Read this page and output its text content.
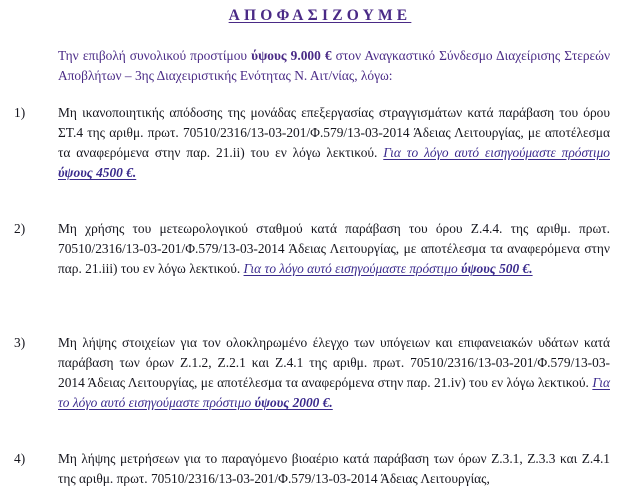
ΑΠΟΦΑΣΙΖΟΥΜΕ
Την επιβολή συνολικού προστίμου ύψους 9.000 € στον Αναγκαστικό Σύνδεσμο Διαχείρισης Στερεών Αποβλήτων – 3ης Διαχειριστικής Ενότητας Ν. Αιτ/νίας, λόγω:
1) Μη ικανοποιητικής απόδοσης της μονάδας επεξεργασίας στραγγισμάτων κατά παράβαση του όρου ΣΤ.4 της αριθμ. πρωτ. 70510/2316/13-03-201/Φ.579/13-03-2014 Άδειας Λειτουργίας, με αποτέλεσμα τα αναφερόμενα στην παρ. 21.ii) του εν λόγω λεκτικού. Για το λόγο αυτό εισηγούμαστε πρόστιμο ύψους 4500 €.
2) Μη χρήσης του μετεωρολογικού σταθμού κατά παράβαση του όρου Ζ.4.4. της αριθμ. πρωτ. 70510/2316/13-03-201/Φ.579/13-03-2014 Άδειας Λειτουργίας, με αποτέλεσμα τα αναφερόμενα στην παρ. 21.iii) του εν λόγω λεκτικού. Για το λόγο αυτό εισηγούμαστε πρόστιμο ύψους 500 €.
3) Μη λήψης στοιχείων για τον ολοκληρωμένο έλεγχο των υπόγειων και επιφανειακών υδάτων κατά παράβαση των όρων Ζ.1.2, Ζ.2.1 και Ζ.4.1 της αριθμ. πρωτ. 70510/2316/13-03-201/Φ.579/13-03-2014 Άδειας Λειτουργίας, με αποτέλεσμα τα αναφερόμενα στην παρ. 21.iv) του εν λόγω λεκτικού. Για το λόγο αυτό εισηγούμαστε πρόστιμο ύψους 2000 €.
4) Μη λήψης μετρήσεων για το παραγόμενο βιοαέριο κατά παράβαση των όρων Ζ.3.1, Ζ.3.3 και Ζ.4.1 της αριθμ. πρωτ. 70510/2316/13-03-201/Φ.579/13-03-2014 Άδειας Λειτουργίας,
